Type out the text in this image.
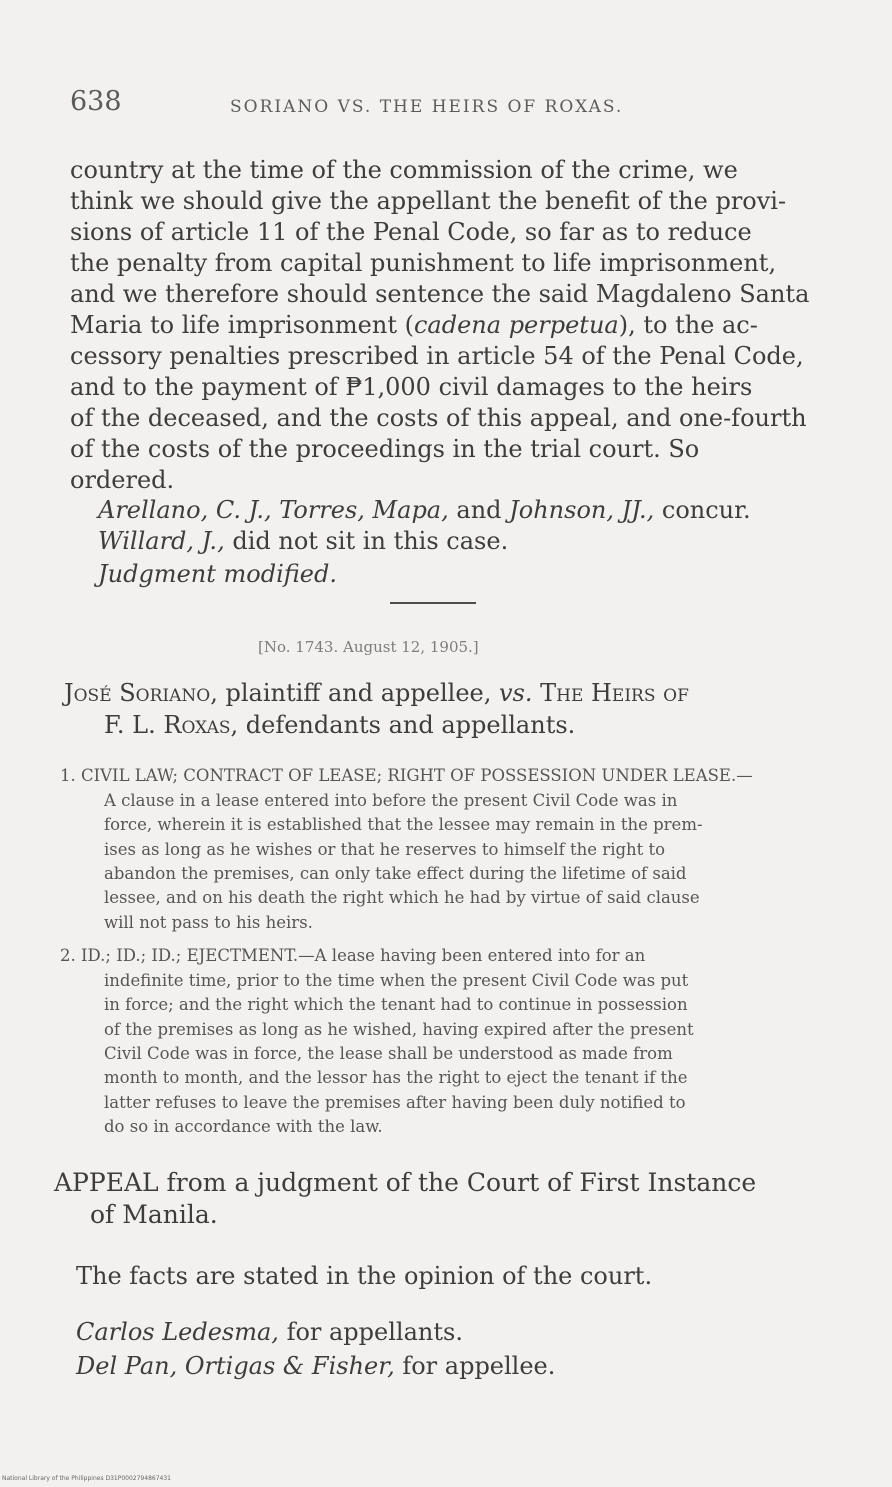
638	SORIANO VS. THE HEIRS OF ROXAS.
country at the time of the commission of the crime, we
think we should give the appellant the benefit of the provi-
sions of article 11 of the Penal Code, so far as to reduce
the penalty from capital punishment to life imprisonment,
and we therefore should sentence the said Magdaleno Santa
Maria to life imprisonment (cadena perpetua), to the ac-
cessory penalties prescribed in article 54 of the Penal Code,
and to the payment of ₱1,000 civil damages to the heirs
of the deceased, and the costs of this appeal, and one-fourth
of the costs of the proceedings in the trial court. So
ordered.
Arellano, C. J., Torres, Mapa, and Johnson, JJ., concur.
Willard, J., did not sit in this case.
Judgment modified.
[No. 1743. August 12, 1905.]
José Soriano, plaintiff and appellee, vs. The Heirs of
F. L. Roxas, defendants and appellants.
1. CIVIL LAW; CONTRACT OF LEASE; RIGHT OF POSSESSION UNDER LEASE.—
A clause in a lease entered into before the present Civil Code was in
force, wherein it is established that the lessee may remain in the prem-
ises as long as he wishes or that he reserves to himself the right to
abandon the premises, can only take effect during the lifetime of said
lessee, and on his death the right which he had by virtue of said clause
will not pass to his heirs.
2. ID.; ID.; ID.; EJECTMENT.—A lease having been entered into for an
indefinite time, prior to the time when the present Civil Code was put
in force; and the right which the tenant had to continue in possession
of the premises as long as he wished, having expired after the present
Civil Code was in force, the lease shall be understood as made from
month to month, and the lessor has the right to eject the tenant if the
latter refuses to leave the premises after having been duly notified to
do so in accordance with the law.
APPEAL from a judgment of the Court of First Instance
of Manila.
The facts are stated in the opinion of the court.
Carlos Ledesma, for appellants.
Del Pan, Ortigas & Fisher, for appellee.
National Library of the Philippines D31P0002794867431
